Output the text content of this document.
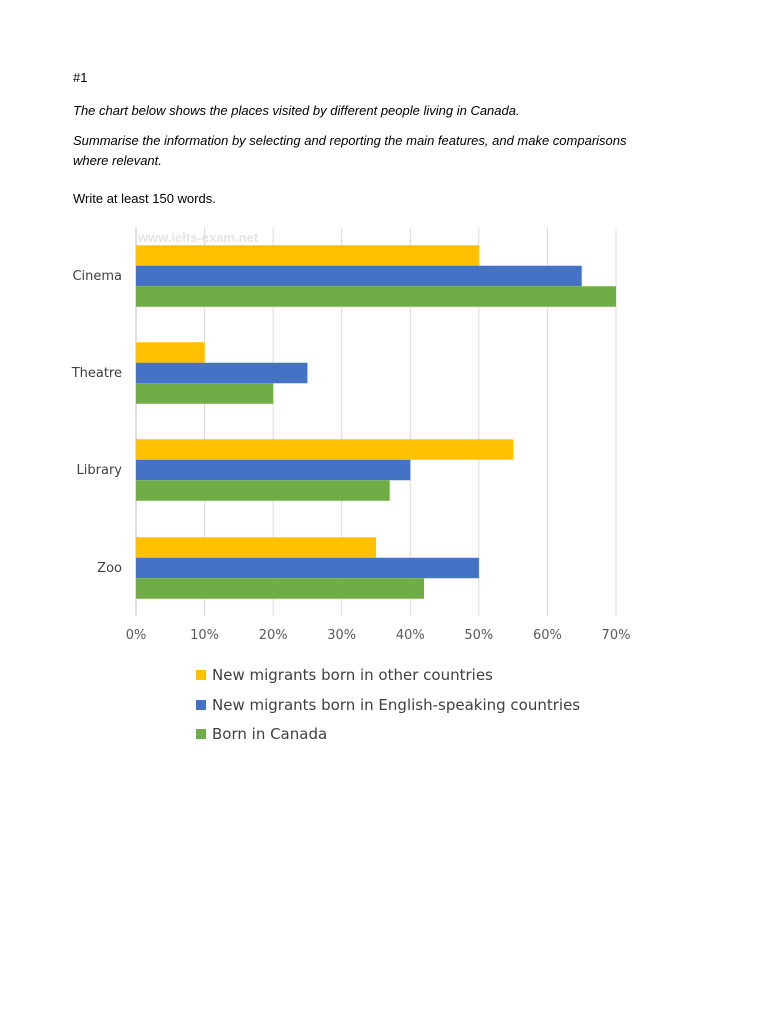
#1

The chart below shows the places visited by different people living in Canada.

Summarise the information by selecting and reporting the main features, and make comparisons

where relevant.

Write at least 150 words.

www.ielts-exam.net
Cinema
Theatre
Library
Zoo
0%	10%	20%	30%	40%	50%	60%	70%
New migrants born in other countries
New migrants born in English-speaking countries
Born in Canada
